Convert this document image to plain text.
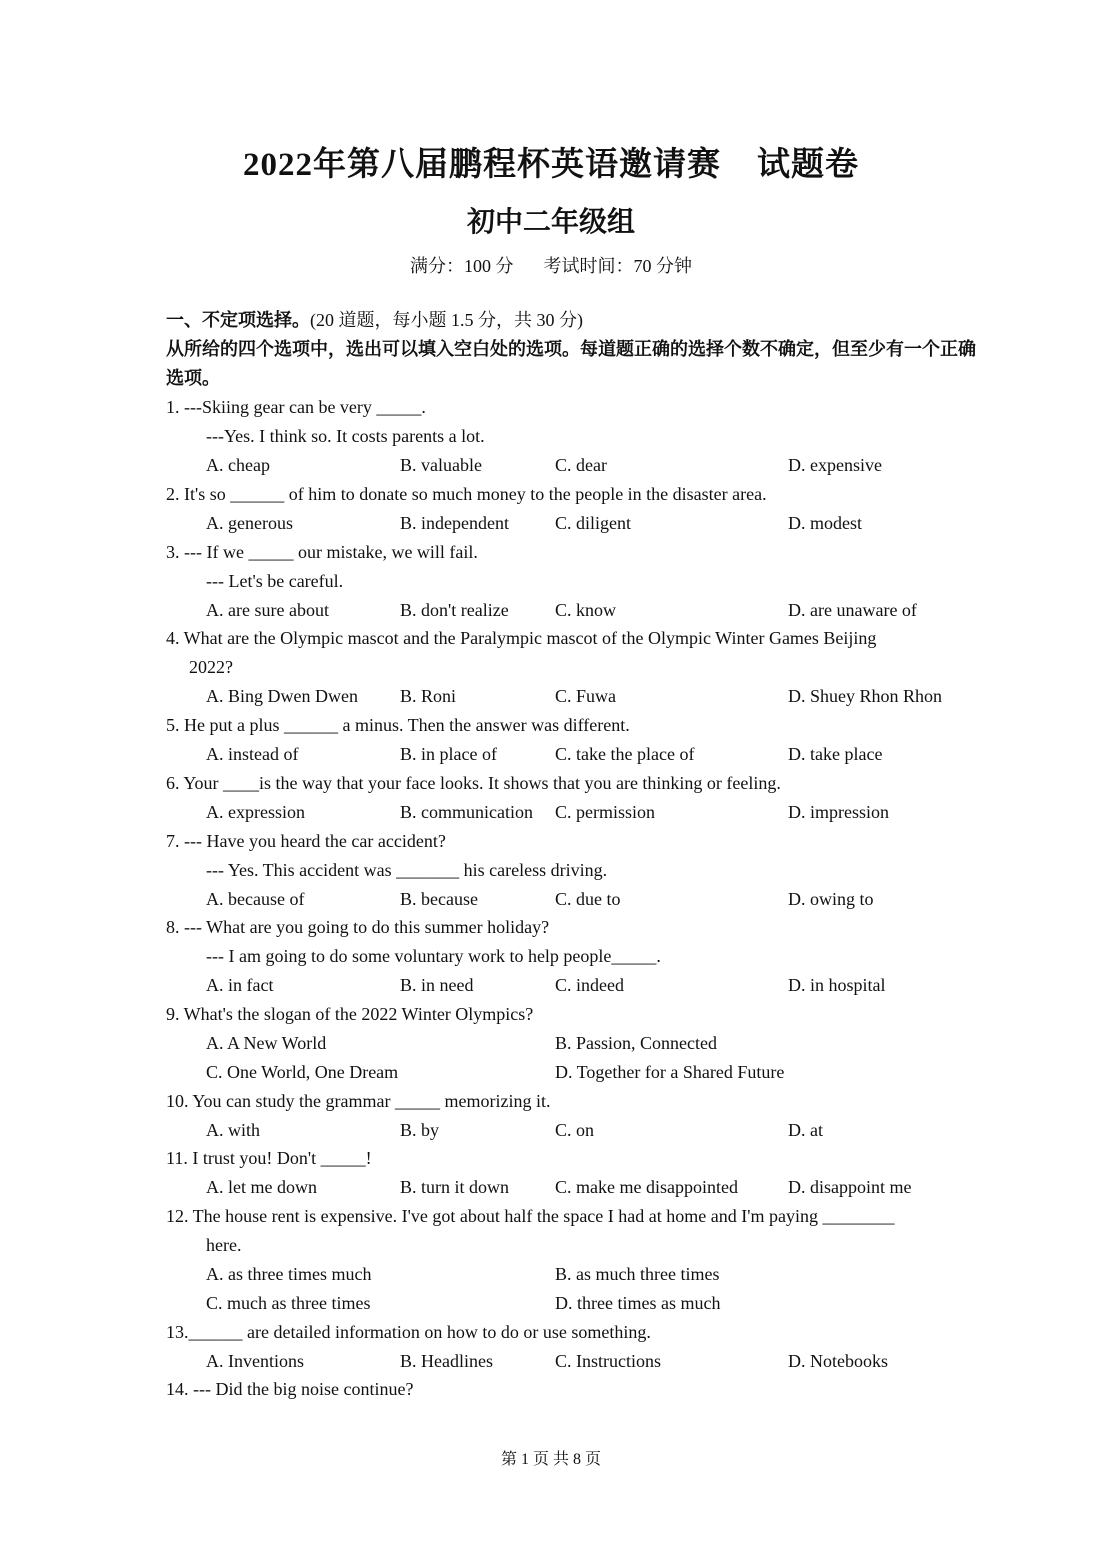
2022年第八届鹏程杯英语邀请赛 试题卷
初中二年级组
满分：100 分 考试时间：70 分钟
一、不定项选择。(20 道题，每小题 1.5 分，共 30 分)
从所给的四个选项中，选出可以填入空白处的选项。每道题正确的选择个数不确定，但至少有一个正确选项。
1. ---Skiing gear can be very _____.
---Yes. I think so. It costs parents a lot.
A. cheap	B. valuable	C. dear	D. expensive
2. It's so ______ of him to donate so much money to the people in the disaster area.
A. generous	B. independent	C. diligent	D. modest
3. --- If we _____ our mistake, we will fail.
--- Let's be careful.
A. are sure about	B. don't realize	C. know	D. are unaware of
4. What are the Olympic mascot and the Paralympic mascot of the Olympic Winter Games Beijing
2022?
A. Bing Dwen Dwen B. Roni	C. Fuwa	D. Shuey Rhon Rhon
5. He put a plus ______ a minus. Then the answer was different.
A. instead of	B. in place of	C. take the place of	D. take place
6. Your ____is the way that your face looks. It shows that you are thinking or feeling.
A. expression	B. communication C. permission	D. impression
7. --- Have you heard the car accident?
--- Yes. This accident was _______ his careless driving.
A. because of	B. because	C. due to	D. owing to
8. --- What are you going to do this summer holiday?
--- I am going to do some voluntary work to help people_____.
A. in fact	B. in need	C. indeed	D. in hospital
9. What's the slogan of the 2022 Winter Olympics?
A. A New World	B. Passion, Connected
C. One World, One Dream	D. Together for a Shared Future
10. You can study the grammar _____ memorizing it.
A. with	B. by	C. on	D. at
11. I trust you! Don't _____!
A. let me down	B. turn it down	C. make me disappointed	D. disappoint me
12. The house rent is expensive. I've got about half the space I had at home and I'm paying ________
here.
A. as three times much	B. as much three times
C. much as three times	D. three times as much
13.______ are detailed information on how to do or use something.
A. Inventions	B. Headlines	C. Instructions	D. Notebooks
14. --- Did the big noise continue?
第 1 页 共 8 页
